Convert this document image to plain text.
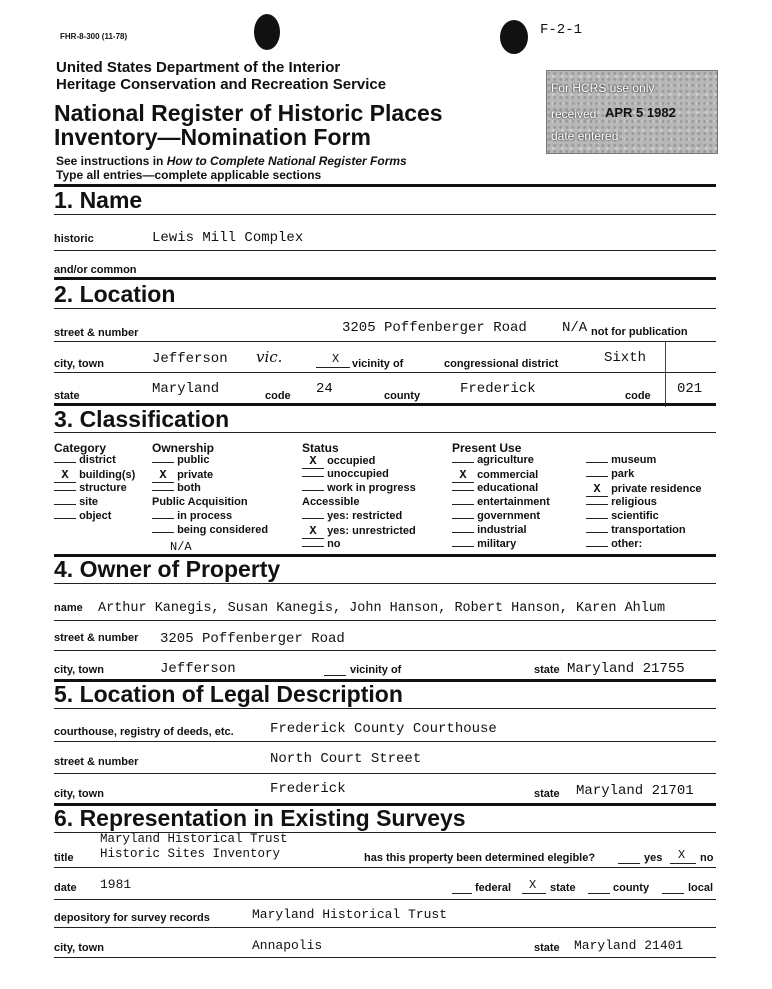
FHR-8-300 (11-78)	F-2-1
United States Department of the Interior
Heritage Conservation and Recreation Service
National Register of Historic Places
Inventory—Nomination Form
See instructions in How to Complete National Register Forms
Type all entries—complete applicable sections
For HCRS use only
received APR 5 1982
date entered
1. Name
historic	Lewis Mill Complex
and/or common
2. Location
street & number	3205 Poffenberger Road	N/A not for publication
city, town	Jefferson vic.	X vicinity of	congressional district	Sixth
state	Maryland	code 24	county	Frederick	code 021
3. Classification
Category	Ownership	Status	Present Use
district
X building(s)
structure
site
object
public
X private
both
Public Acquisition
in process
being considered
N/A
X occupied
unoccupied
work in progress
Accessible
yes: restricted
X yes: unrestricted
no
agriculture
X commercial
educational
entertainment
government
industrial
military
museum
park
X private residence
religious
scientific
transportation
other:
4. Owner of Property
name Arthur Kanegis, Susan Kanegis, John Hanson, Robert Hanson, Karen Ahlum
street & number 3205 Poffenberger Road
city, town	Jefferson	vicinity of	state Maryland 21755
5. Location of Legal Description
courthouse, registry of deeds, etc.	Frederick County Courthouse
street & number	North Court Street
city, town	Frederick	state Maryland 21701
6. Representation in Existing Surveys
Maryland Historical Trust
title Historic Sites Inventory	has this property been determined elegible?	yes X no
date 1981	federal X state	county	local
depository for survey records	Maryland Historical Trust
city, town	Annapolis	state Maryland 21401
